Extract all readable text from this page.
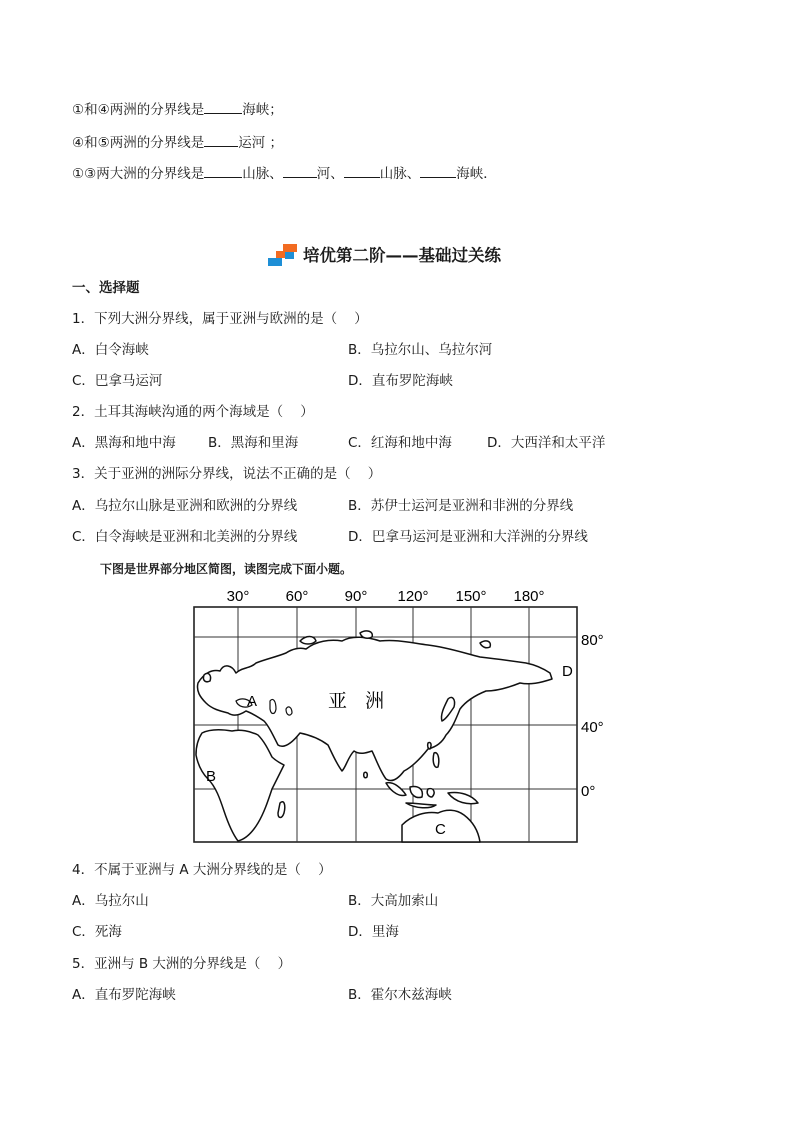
①和④两洲的分界线是	海峡；
④和⑤两洲的分界线是	运河 ；
①③两大洲的分界线是	山脉、	河、	山脉、	海峡．
培优第二阶——基础过关练
一、选择题
1．下列大洲分界线，属于亚洲与欧洲的是（    ）
A．白令海峡	B．乌拉尔山、乌拉尔河
C．巴拿马运河	D．直布罗陀海峡
2．土耳其海峡沟通的两个海域是（    ）
A．黑海和地中海 B．黑海和里海	C．红海和地中海	D．大西洋和太平洋
3．关于亚洲的洲际分界线，说法不正确的是（    ）
A．乌拉尔山脉是亚洲和欧洲的分界线	B．苏伊士运河是亚洲和非洲的分界线
C．白令海峡是亚洲和北美洲的分界线	D．巴拿马运河是亚洲和大洋洲的分界线
下图是世界部分地区简图，读图完成下面小题。
30° 60° 90° 120° 150° 180°
80°
40°
0°
A
B
C
D
亚   洲
4．不属于亚洲与 A 大洲分界线的是（    ）
A．乌拉尔山	B．大高加索山
C．死海	D．里海
5．亚洲与 B 大洲的分界线是（    ）
A．直布罗陀海峡	B．霍尔木兹海峡
